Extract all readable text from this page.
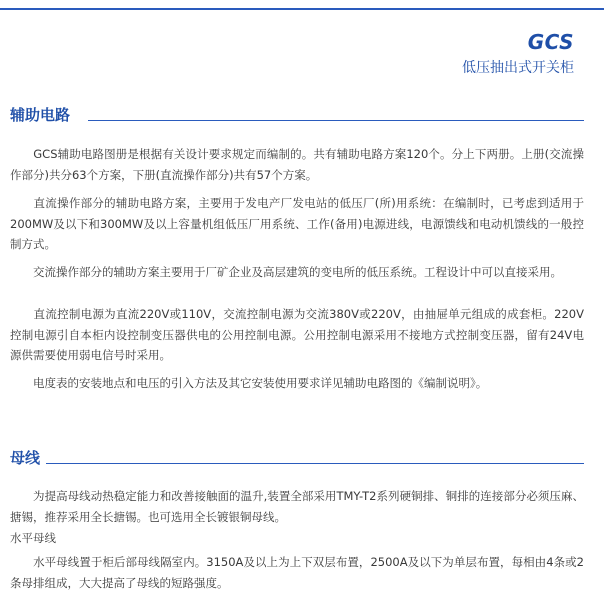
GCS
低压抽出式开关柜
辅助电路

　　GCS辅助电路图册是根据有关设计要求规定而编制的。共有辅助电路方案120个。分上下两册。上册(交流操作部分)共分63个方案，下册(直流操作部分)共有57个方案。

　　直流操作部分的辅助电路方案，主要用于发电产厂发电站的低压厂(所)用系统：在编制时，已考虑到适用于200MW及以下和300MW及以上容量机组低压厂用系统、工作(备用)电源进线，电源馈线和电动机馈线的一般控制方式。

　　交流操作部分的辅助方案主要用于厂矿企业及高层建筑的变电所的低压系统。工程设计中可以直接采用。

　　直流控制电源为直流220V或110V，交流控制电源为交流380V或220V，由抽屉单元组成的成套柜。220V控制电源引自本柜内设控制变压器供电的公用控制电源。公用控制电源采用不接地方式控制变压器，留有24V电源供需要使用弱电信号时采用。

　　电度表的安装地点和电压的引入方法及其它安装使用要求详见辅助电路图的《编制说明》。

母线

　　为提高母线动热稳定能力和改善接触面的温升,装置全部采用TMY-T2系列硬铜排、铜排的连接部分必须压麻、搪锡，推荐采用全长搪锡。也可选用全长镀银铜母线。

水平母线

　　水平母线置于柜后部母线隔室内。3150A及以上为上下双层布置，2500A及以下为单层布置，每相由4条或2条母排组成，大大提高了母线的短路强度。
